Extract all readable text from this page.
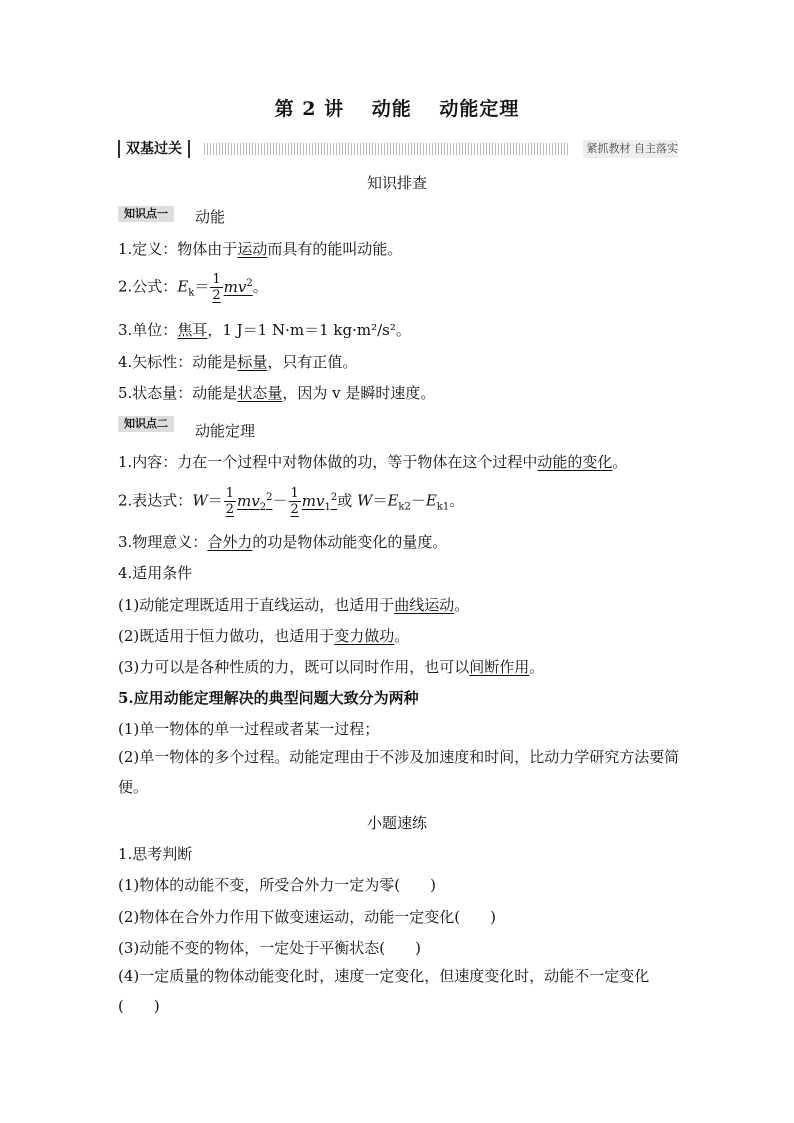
第 2 讲 动能 动能定理
双基过关	紧抓教材 自主落实
知识排查
知识点一	动能
1.定义：物体由于运动而具有的能叫动能。
2.公式：$E_k= \frac{1}{2} mv^2$。
3.单位：焦耳，1 J＝1 N·m＝1 kg·m²/s²。
4.矢标性：动能是标量，只有正值。
5.状态量：动能是状态量，因为 v 是瞬时速度。
知识点二	动能定理
1.内容：力在一个过程中对物体做的功，等于物体在这个过程中动能的变化。
2.表达式：$W= \frac{1}{2} mv_2^2- \frac{1}{2} mv_1^2$或 $W=E_{k2}-E_{k1}$。
3.物理意义：合外力的功是物体动能变化的量度。
4.适用条件
(1)动能定理既适用于直线运动，也适用于曲线运动。
(2)既适用于恒力做功，也适用于变力做功。
(3)力可以是各种性质的力，既可以同时作用，也可以间断作用。
5.应用动能定理解决的典型问题大致分为两种
(1)单一物体的单一过程或者某一过程；
(2)单一物体的多个过程。动能定理由于不涉及加速度和时间，比动力学研究方法要简便。
小题速练
1.思考判断
(1)物体的动能不变，所受合外力一定为零(　　)
(2)物体在合外力作用下做变速运动，动能一定变化(　　)
(3)动能不变的物体，一定处于平衡状态(　　)
(4)一定质量的物体动能变化时，速度一定变化，但速度变化时，动能不一定变化(　　)
